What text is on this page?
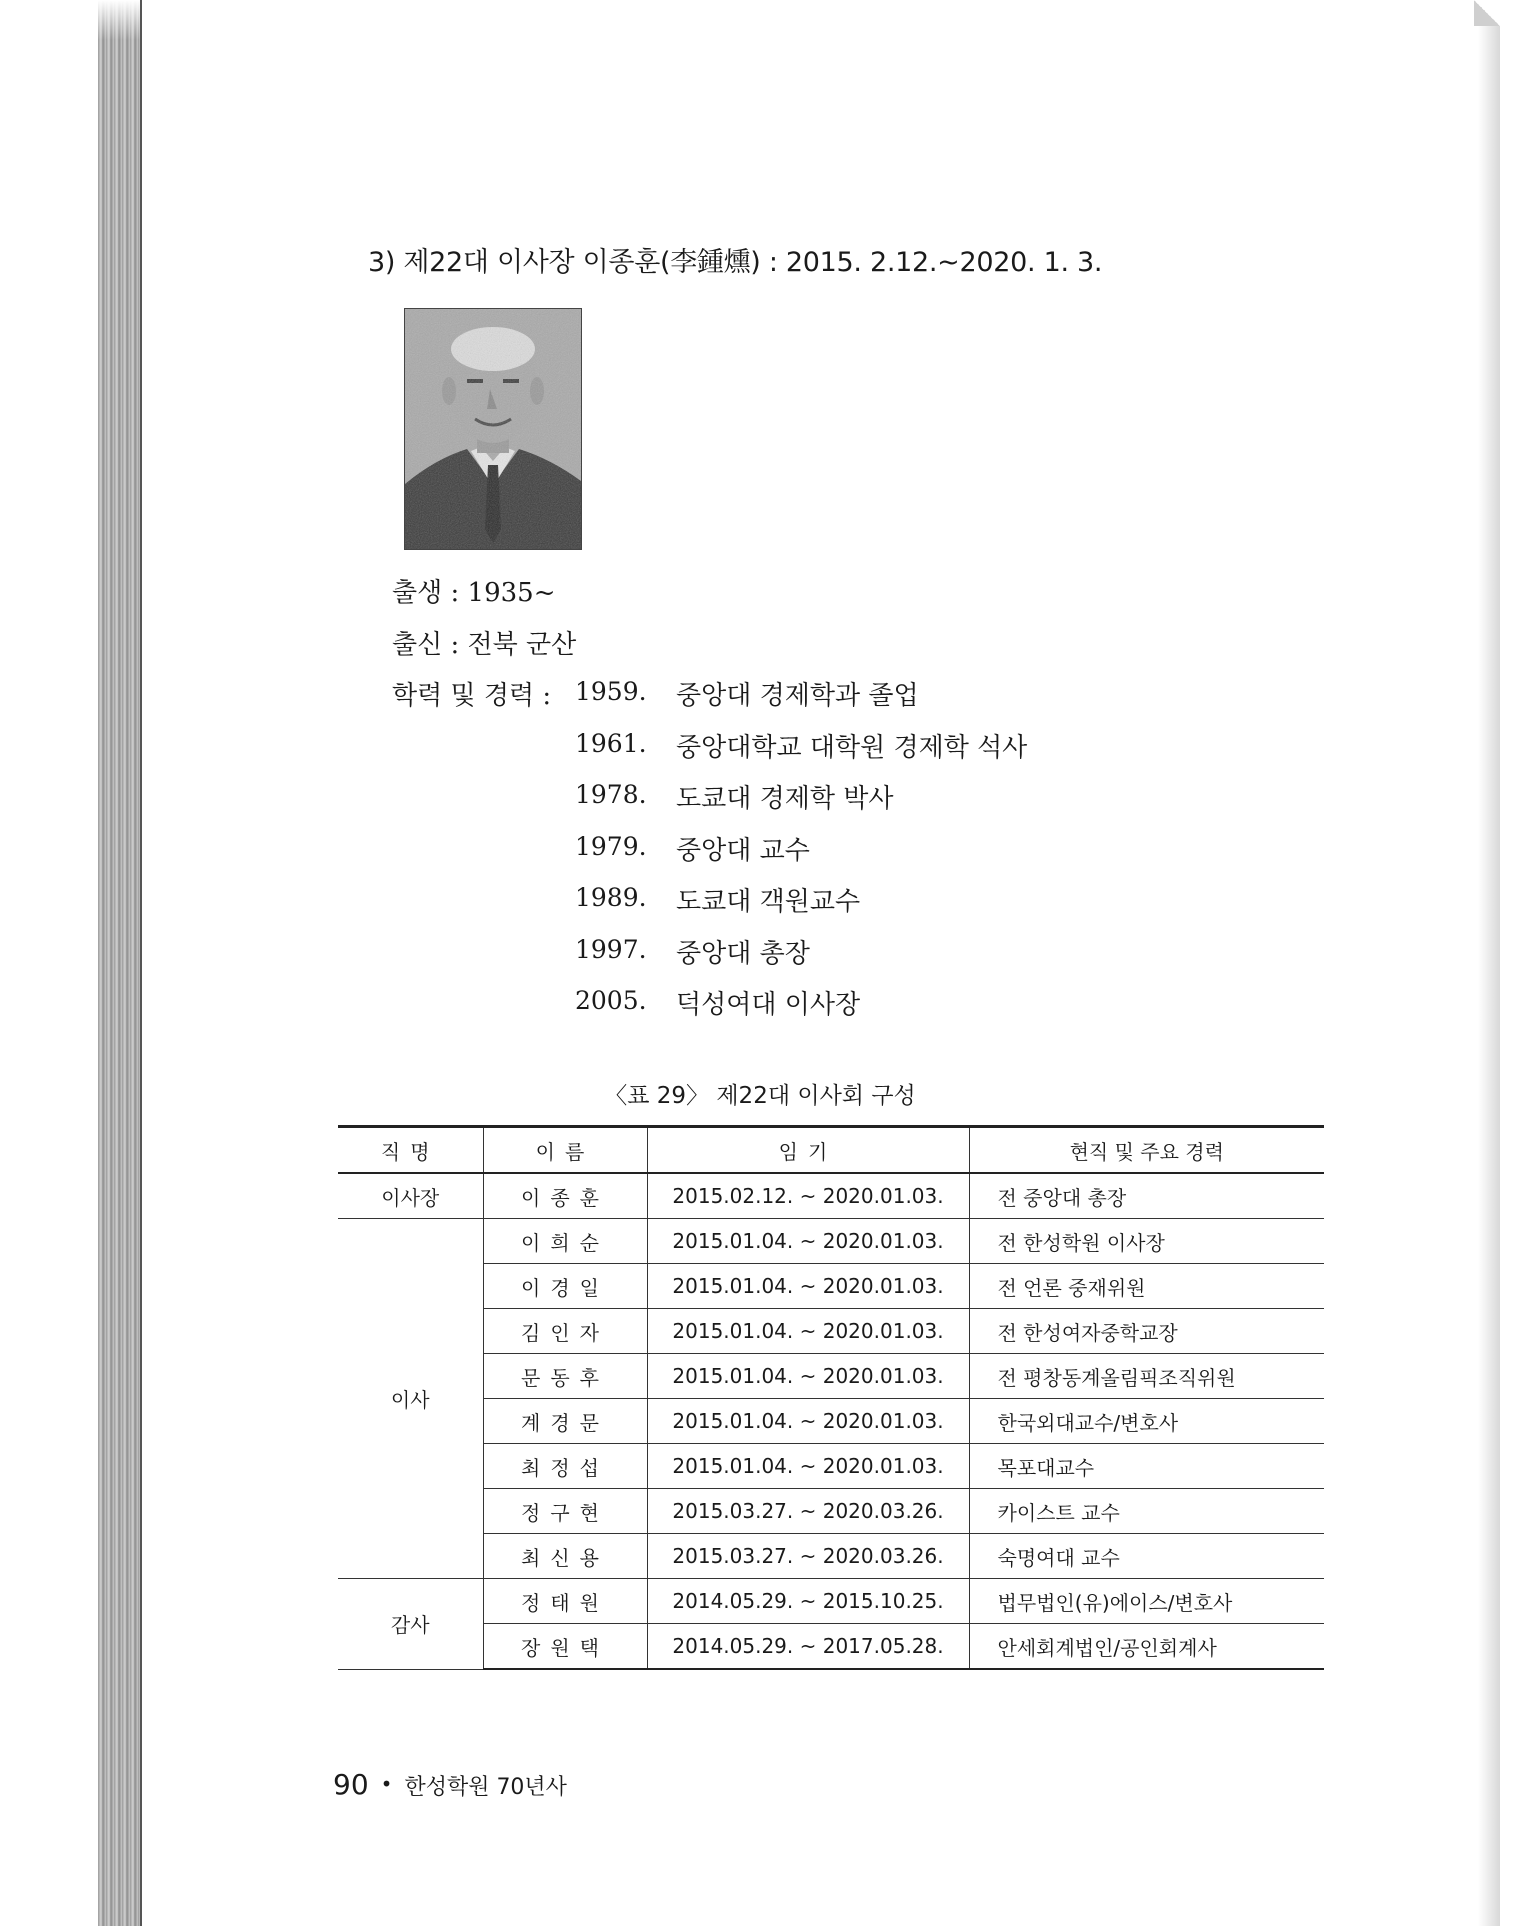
3) 제22대 이사장 이종훈(李鍾燻) : 2015. 2.12.~2020. 1. 3.
출생 : 1935~
출신 : 전북 군산
학력 및 경력 : 1959. 중앙대 경제학과 졸업
1961. 중앙대학교 대학원 경제학 석사
1978. 도쿄대 경제학 박사
1979. 중앙대 교수
1989. 도쿄대 객원교수
1997. 중앙대 총장
2005. 덕성여대 이사장
〈표 29〉 제22대 이사회 구성
직명	이름	임기	현직 및 주요 경력
이사장	이종훈	2015.02.12. ~ 2020.01.03.	전 중앙대 총장
이사	이희순	2015.01.04. ~ 2020.01.03.	전 한성학원 이사장
	이경일	2015.01.04. ~ 2020.01.03.	전 언론 중재위원
	김인자	2015.01.04. ~ 2020.01.03.	전 한성여자중학교장
	문동후	2015.01.04. ~ 2020.01.03.	전 평창동계올림픽조직위원
	계경문	2015.01.04. ~ 2020.01.03.	한국외대교수/변호사
	최정섭	2015.01.04. ~ 2020.01.03.	목포대교수
	정구현	2015.03.27. ~ 2020.03.26.	카이스트 교수
	최신용	2015.03.27. ~ 2020.03.26.	숙명여대 교수
감사	정태원	2014.05.29. ~ 2015.10.25.	법무법인(유)에이스/변호사
	장원택	2014.05.29. ~ 2017.05.28.	안세회계법인/공인회계사
90 • 한성학원 70년사
